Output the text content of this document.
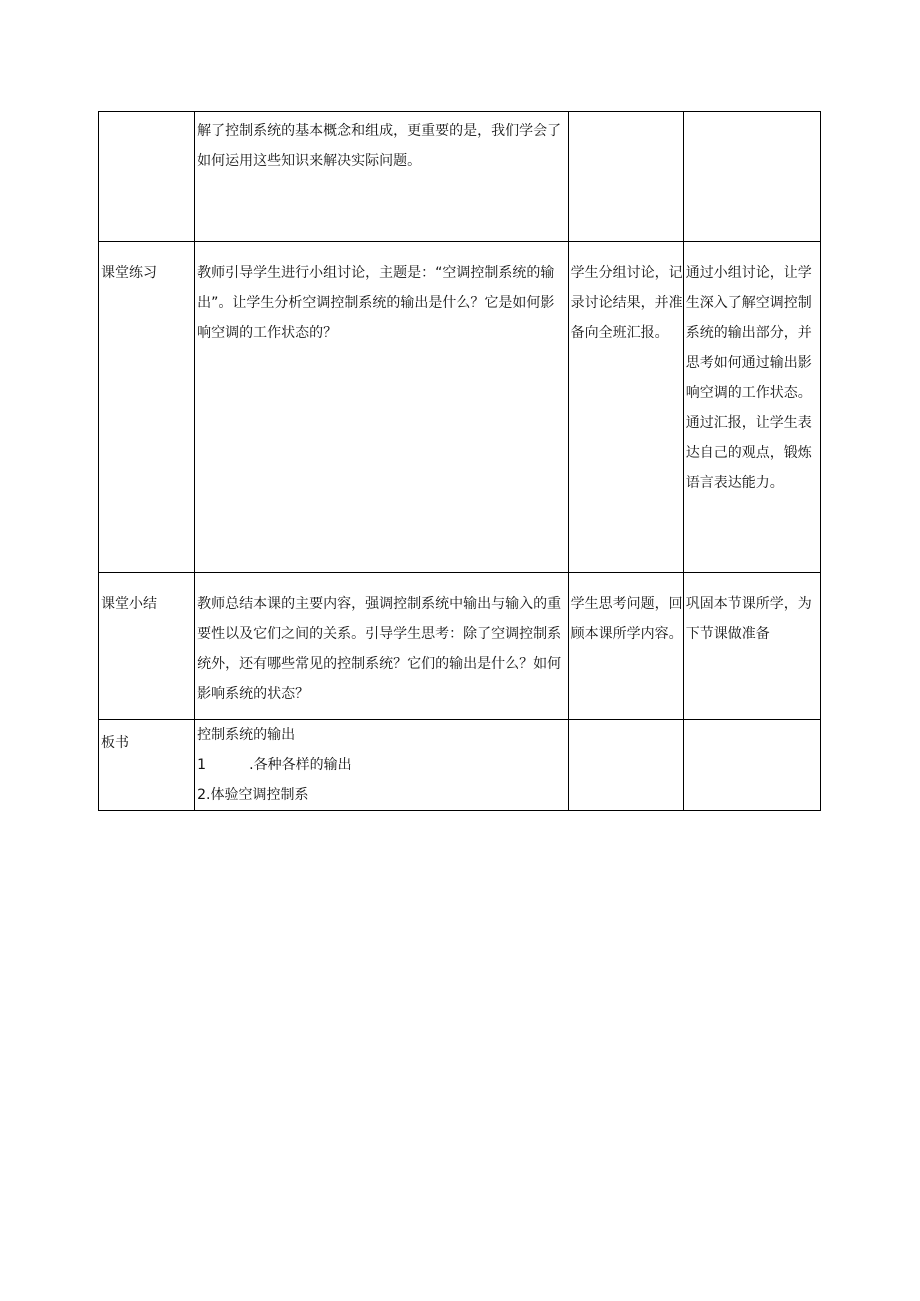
	解了控制系统的基本概念和组成，更重要的是，我们学会了如何运用这些知识来解决实际问题。		

课堂练习	教师引导学生进行小组讨论，主题是：“空调控制系统的输出”。让学生分析空调控制系统的输出是什么？它是如何影响空调的工作状态的？	学生分组讨论，记录讨论结果，并准备向全班汇报。	通过小组讨论，让学生深入了解空调控制系统的输出部分，并思考如何通过输出影响空调的工作状态。通过汇报，让学生表达自己的观点，锻炼语言表达能力。

课堂小结	教师总结本课的主要内容，强调控制系统中输出与输入的重要性以及它们之间的关系。引导学生思考：除了空调控制系统外，还有哪些常见的控制系统？它们的输出是什么？如何影响系统的状态？	学生思考问题，回顾本课所学内容。	巩固本节课所学，为下节课做准备

板书	控制系统的输出
1 .各种各样的输出
2.体验空调控制系		
